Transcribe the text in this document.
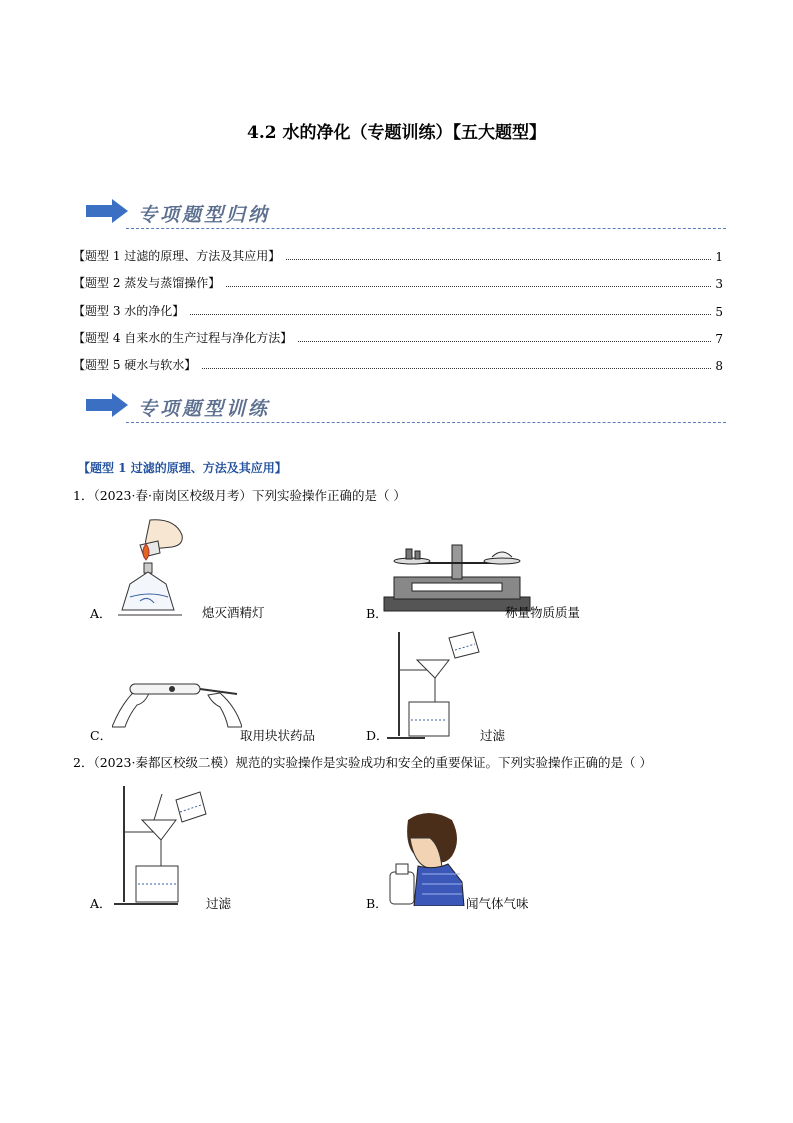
4.2 水的净化（专题训练）【五大题型】
专项题型归纳
【题型 1 过滤的原理、方法及其应用】	1
【题型 2 蒸发与蒸馏操作】	3
【题型 3 水的净化】	5
【题型 4 自来水的生产过程与净化方法】	7
【题型 5 硬水与软水】	8
专项题型训练
【题型 1 过滤的原理、方法及其应用】
1．（2023·春·南岗区校级月考）下列实验操作正确的是（ ）
A．	熄灭酒精灯	B．	称量物质质量
C．	取用块状药品	D．	过滤
2．（2023·秦都区校级二模）规范的实验操作是实验成功和安全的重要保证。下列实验操作正确的是（ ）
A．	过滤	B．	闻气体气味
